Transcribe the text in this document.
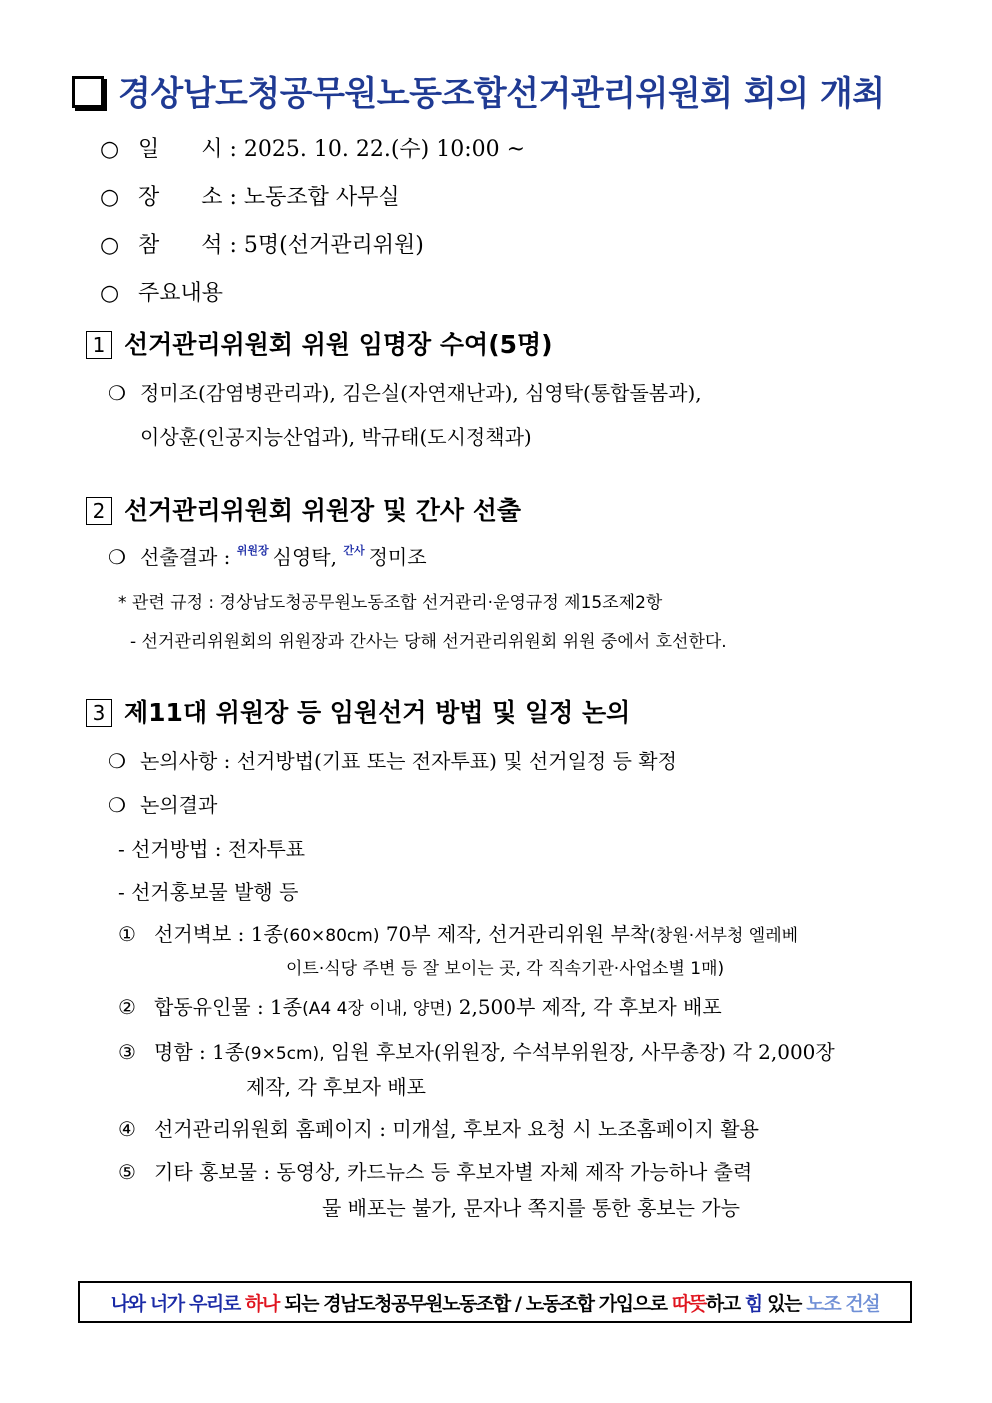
경상남도청공무원노동조합선거관리위원회 회의 개최
○ 일      시 : 2025. 10. 22.(수) 10:00 ~
○ 장      소 : 노동조합 사무실
○ 참      석 : 5명(선거관리위원)
○ 주요내용
1 선거관리위원회 위원 임명장 수여(5명)
❍ 정미조(감염병관리과), 김은실(자연재난과), 심영탁(통합돌봄과),
이상훈(인공지능산업과), 박규태(도시정책과)
2 선거관리위원회 위원장 및 간사 선출
❍ 선출결과 : $^{위원장}$ 심영탁, $^{간사}$ 정미조
* 관련 규정 : 경상남도청공무원노동조합 선거관리·운영규정 제15조제2항
- 선거관리위원회의 위원장과 간사는 당해 선거관리위원회 위원 중에서 호선한다.
3 제11대 위원장 등 임원선거 방법 및 일정 논의
❍ 논의사항 : 선거방법(기표 또는 전자투표) 및 선거일정 등 확정
❍ 논의결과
- 선거방법 : 전자투표
- 선거홍보물 발행 등
① 선거벽보 : 1종(60×80cm) 70부 제작, 선거관리위원 부착(창원·서부청 엘레베
이트·식당 주변 등 잘 보이는 곳, 각 직속기관·사업소별 1매)
② 합동유인물 : 1종(A4 4장 이내, 양면) 2,500부 제작, 각 후보자 배포
③ 명함 : 1종(9×5cm), 임원 후보자(위원장, 수석부위원장, 사무총장) 각 2,000장
제작, 각 후보자 배포
④ 선거관리위원회 홈페이지 : 미개설, 후보자 요청 시 노조홈페이지 활용
⑤ 기타 홍보물 : 동영상, 카드뉴스 등 후보자별 자체 제작 가능하나 출력
물 배포는 불가, 문자나 쪽지를 통한 홍보는 가능
나와 너가 우리로
하나
되는 경남도청공무원노동조합 / 노동조합 가입으로
따뜻 하고
힘
있는
노조 건설
